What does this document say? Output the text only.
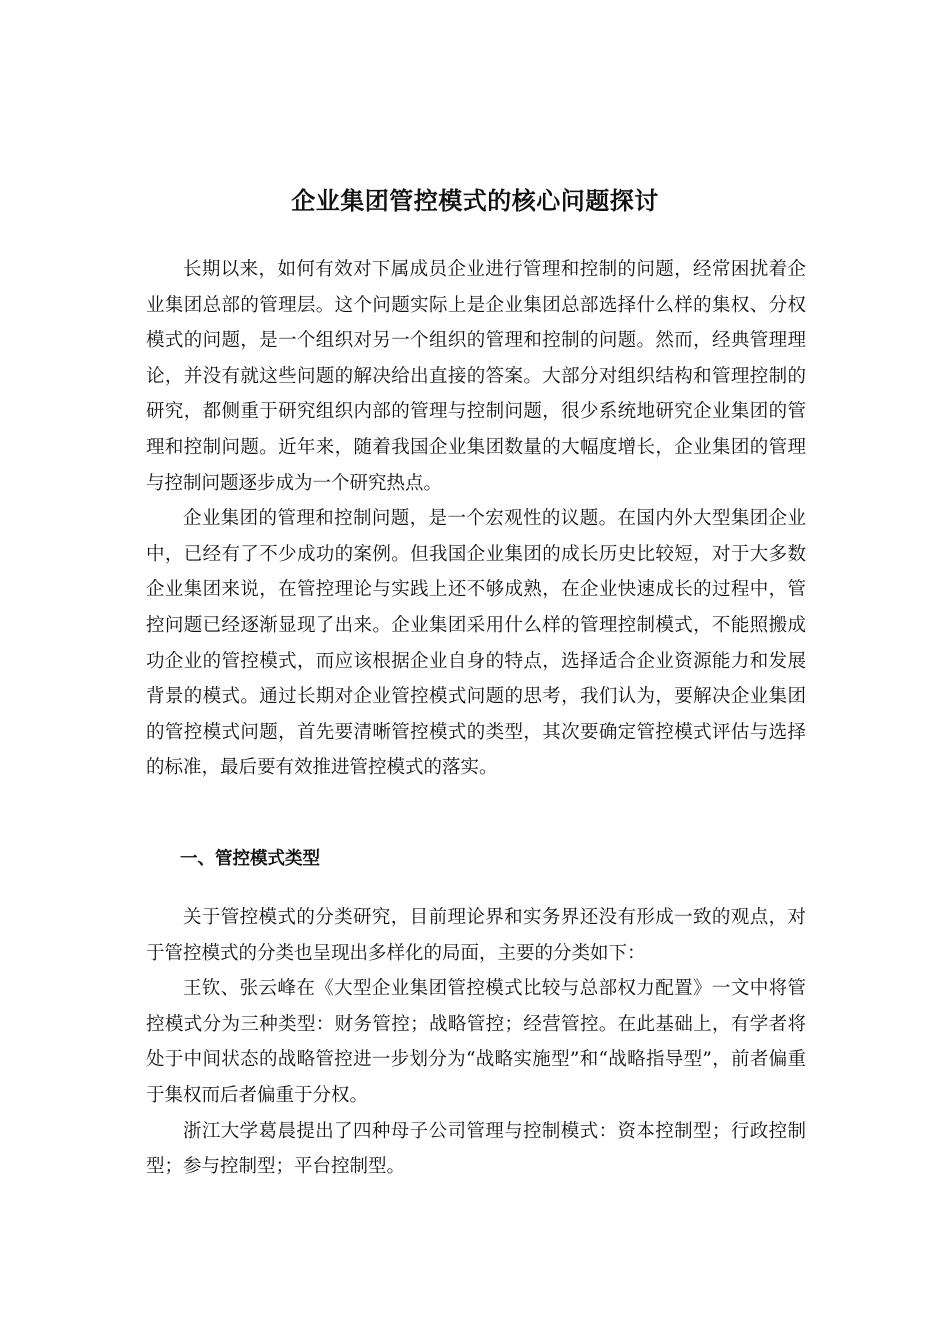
企业集团管控模式的核心问题探讨

长期以来，如何有效对下属成员企业进行管理和控制的问题，经常困扰着企业集团总部的管理层。这个问题实际上是企业集团总部选择什么样的集权、分权模式的问题，是一个组织对另一个组织的管理和控制的问题。然而，经典管理理论，并没有就这些问题的解决给出直接的答案。大部分对组织结构和管理控制的研究，都侧重于研究组织内部的管理与控制问题，很少系统地研究企业集团的管理和控制问题。近年来，随着我国企业集团数量的大幅度增长，企业集团的管理与控制问题逐步成为一个研究热点。

企业集团的管理和控制问题，是一个宏观性的议题。在国内外大型集团企业中，已经有了不少成功的案例。但我国企业集团的成长历史比较短，对于大多数企业集团来说，在管控理论与实践上还不够成熟，在企业快速成长的过程中，管控问题已经逐渐显现了出来。企业集团采用什么样的管理控制模式，不能照搬成功企业的管控模式，而应该根据企业自身的特点，选择适合企业资源能力和发展背景的模式。通过长期对企业管控模式问题的思考，我们认为，要解决企业集团的管控模式问题，首先要清晰管控模式的类型，其次要确定管控模式评估与选择的标准，最后要有效推进管控模式的落实。

一、管控模式类型

关于管控模式的分类研究，目前理论界和实务界还没有形成一致的观点，对于管控模式的分类也呈现出多样化的局面，主要的分类如下：

王钦、张云峰在《大型企业集团管控模式比较与总部权力配置》一文中将管控模式分为三种类型：财务管控；战略管控；经营管控。在此基础上，有学者将处于中间状态的战略管控进一步划分为“战略实施型”和“战略指导型”，前者偏重于集权而后者偏重于分权。

浙江大学葛晨提出了四种母子公司管理与控制模式：资本控制型；行政控制型；参与控制型；平台控制型。
